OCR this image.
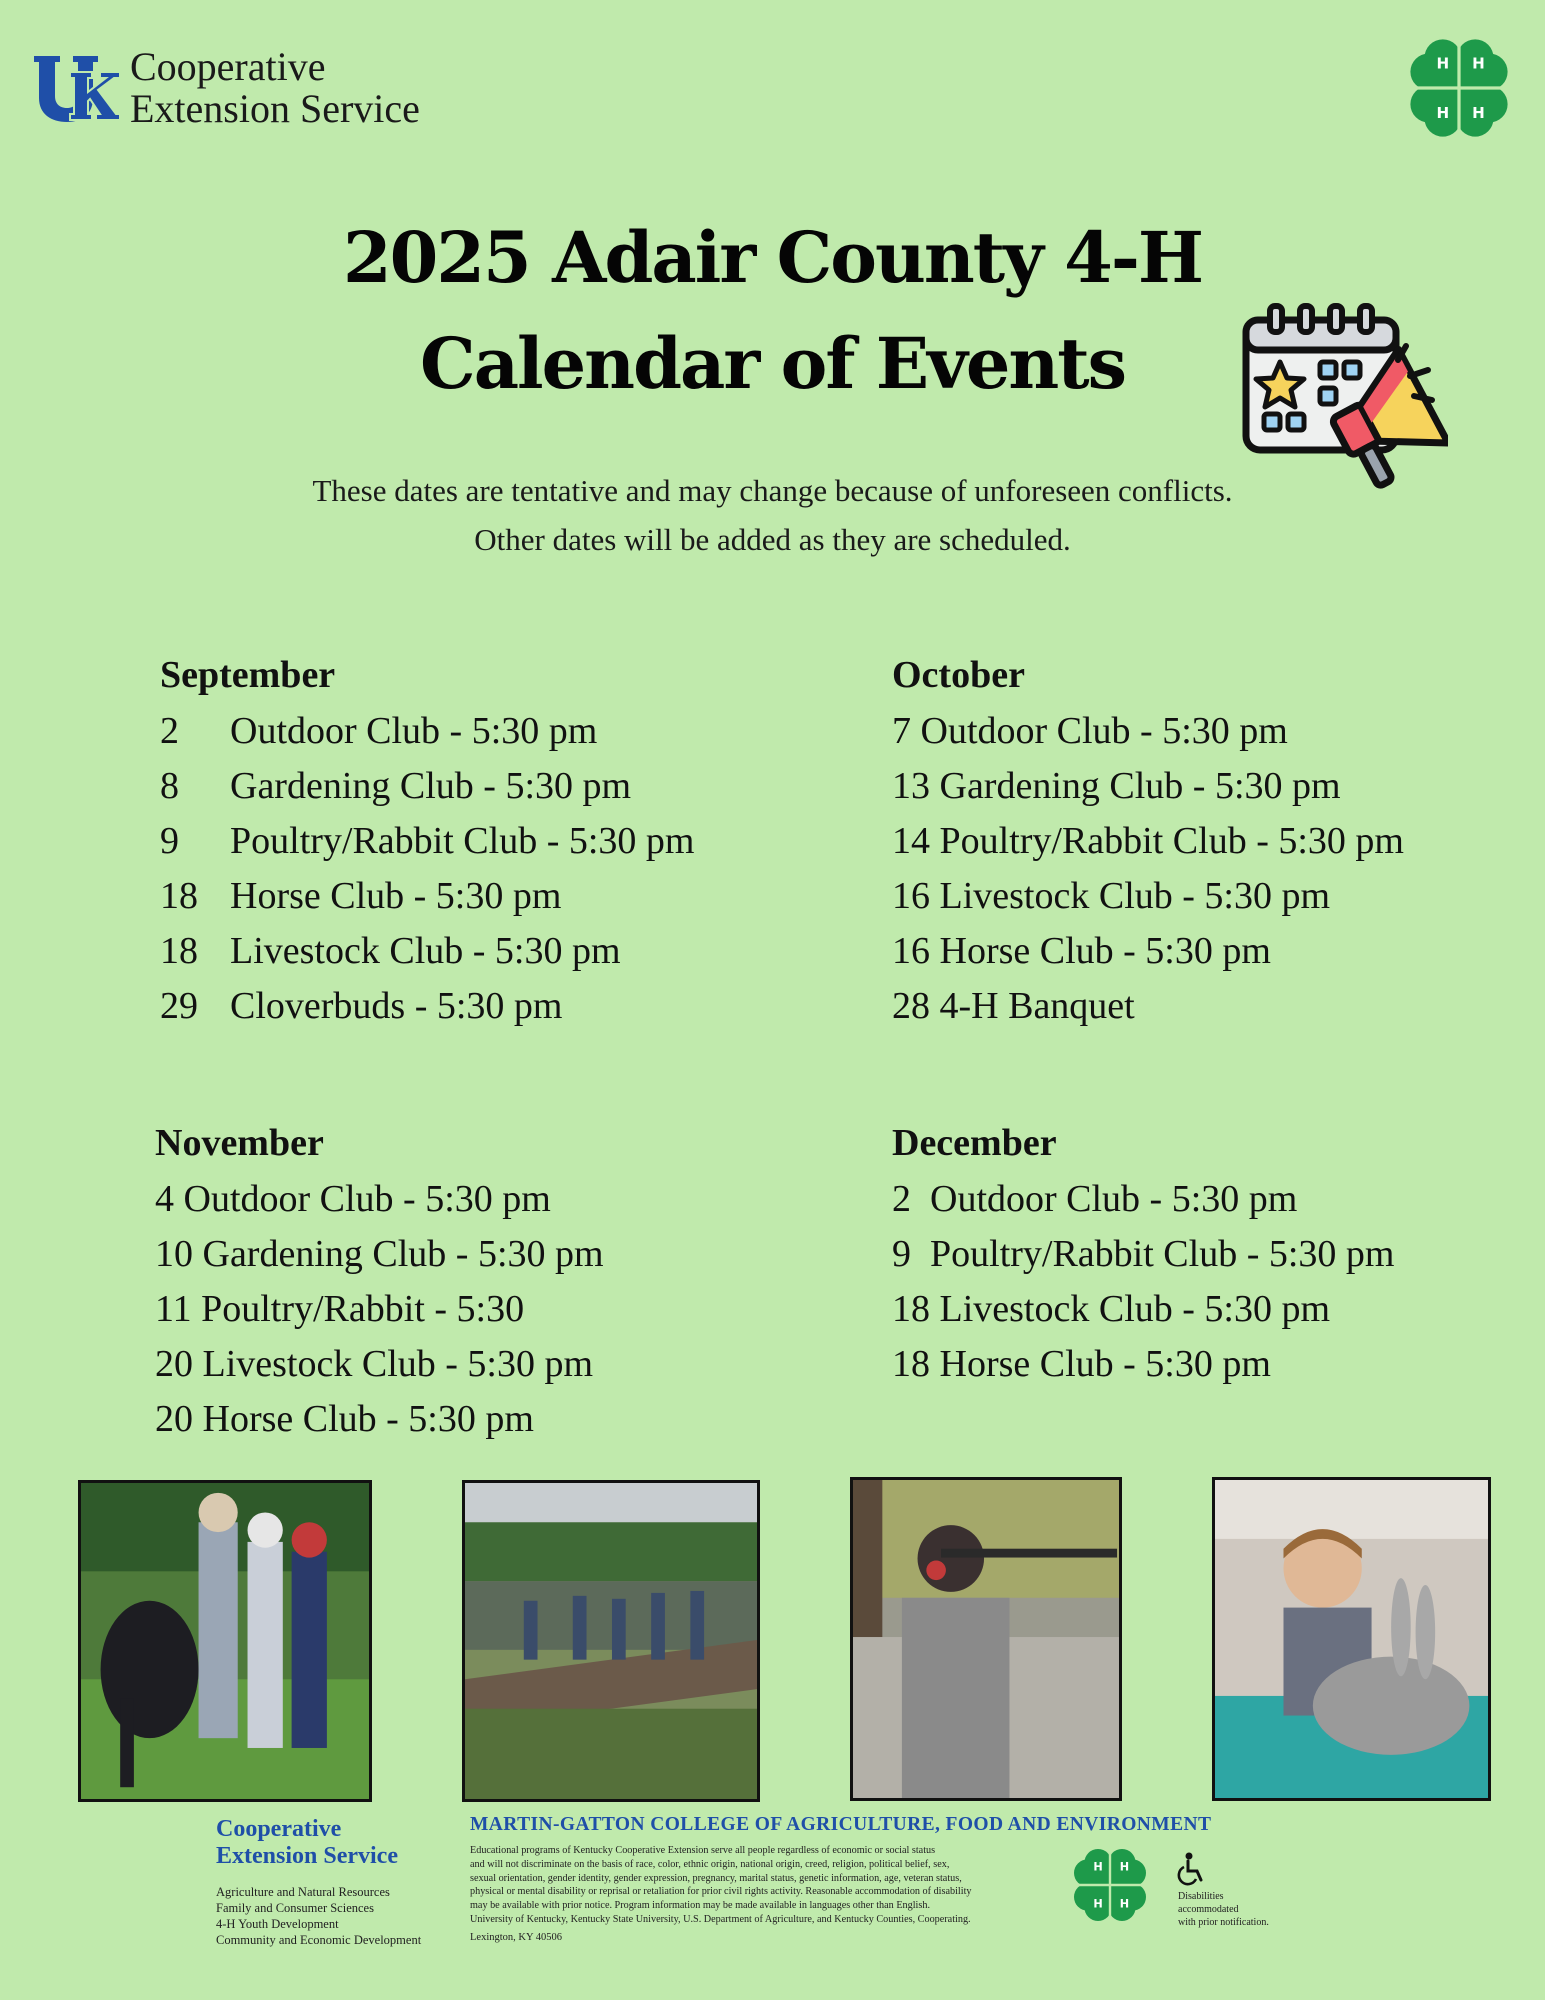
Cooperative
Extension Service
H H
H H
2025 Adair County 4-H
Calendar of Events
These dates are tentative and may change because of unforeseen conflicts.
Other dates will be added as they are scheduled.
September
2 Outdoor Club - 5:30 pm
8 Gardening Club - 5:30 pm
9 Poultry/Rabbit Club - 5:30 pm
18 Horse Club - 5:30 pm
18 Livestock Club - 5:30 pm
29 Cloverbuds - 5:30 pm
October
7 Outdoor Club - 5:30 pm
13 Gardening Club - 5:30 pm
14 Poultry/Rabbit Club - 5:30 pm
16 Livestock Club - 5:30 pm
16 Horse Club - 5:30 pm
28 4-H Banquet
November
4 Outdoor Club - 5:30 pm
10 Gardening Club - 5:30 pm
11 Poultry/Rabbit - 5:30
20 Livestock Club - 5:30 pm
20 Horse Club - 5:30 pm
December
2 Outdoor Club - 5:30 pm
9 Poultry/Rabbit Club - 5:30 pm
18 Livestock Club - 5:30 pm
18 Horse Club - 5:30 pm
Cooperative
Extension Service
Agriculture and Natural Resources
Family and Consumer Sciences
4-H Youth Development
Community and Economic Development
MARTIN-GATTON COLLEGE OF AGRICULTURE, FOOD AND ENVIRONMENT
Educational programs of Kentucky Cooperative Extension serve all people regardless of economic or social status
and will not discriminate on the basis of race, color, ethnic origin, national origin, creed, religion, political belief, sex,
sexual orientation, gender identity, gender expression, pregnancy, marital status, genetic information, age, veteran status,
physical or mental disability or reprisal or retaliation for prior civil rights activity. Reasonable accommodation of disability
may be available with prior notice. Program information may be made available in languages other than English.
University of Kentucky, Kentucky State University, U.S. Department of Agriculture, and Kentucky Counties, Cooperating.
Lexington, KY 40506
H H
H H
Disabilities
accommodated
with prior notification.
